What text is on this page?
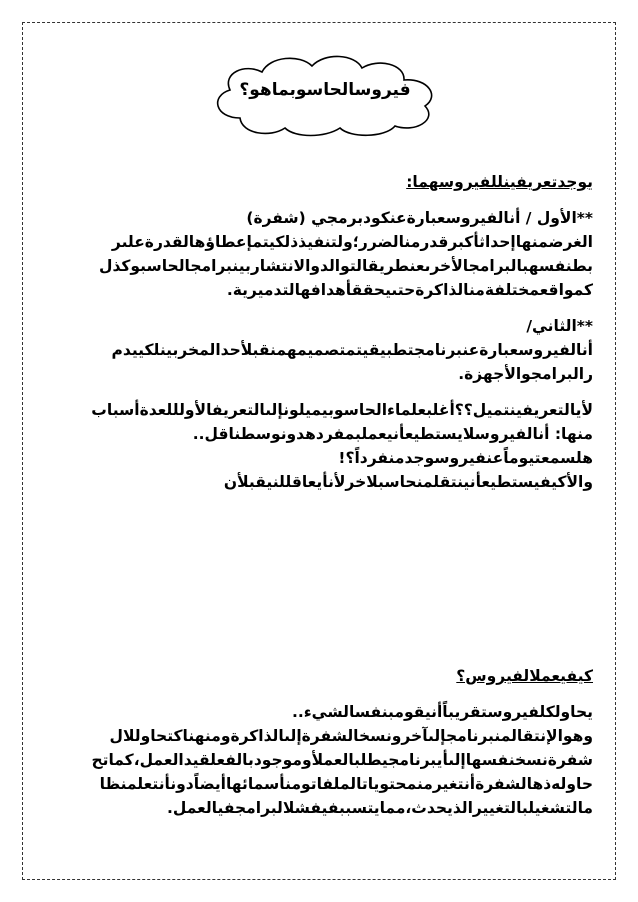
فيروسالحاسوبماهو؟

يوجدتعريفينللفيروسهما:

**الأول / أنالفيروسعبارةعنكودبرمجي (شفرة)

الغرضمنهاإحداثأكبرقدرمنالضرر؛ولتنفيذذلكيتمإعطاؤهالقدرةعلىر

بطنفسهبالبرامجالأخرىعنطريقالتوالدوالانتشاربينبرامجالحاسبوكذل

كمواقعمختلفةمنالذاكرةحتىيحققأهدافهالتدميرية.

**الثاني/

أنالفيروسعبارةعنبرنامجتطبيقيتمتصميمهمنقبلأحدالمخربينلكييدم

رالبرامجوالأجهزة.

لأيالتعريفينتميل؟؟أغلبعلماءالحاسوبيميلونإلىالتعريفالأولللعدةأسباب

منها: أنالفيروسلايستطيعأنيعملبمفردهدونوسطناقل..

هلسمعتيوماًعنفيروسوجدمنفرداً؟!

والأكيفيستطيعأنينتقلمنحاسبلاخرلأنأيعاقللنيقبلأن

كيفيعملالفيروس؟

يحاولكلفيروستقريباًأنيقومبنفسالشيء..

وهوالإنتقالمنبرنامجإلىآخرونسخالشفرةإلىالذاكرةومنهناكتحاوللال

شفرةنسخنفسهاإلىأيبرنامجيطلبالعملأوموجودبالفعلقيدالعمل،كماتح

حاوله‌ذهالشفرةأنتغيرمنمحتوياتالملفاتومنأسمائهاأيضاًدونأنتعلمنظا

مالتشغيلبالتغييرالذيحدث،ممايتسببفيفشلالبرامجفيالعمل.
